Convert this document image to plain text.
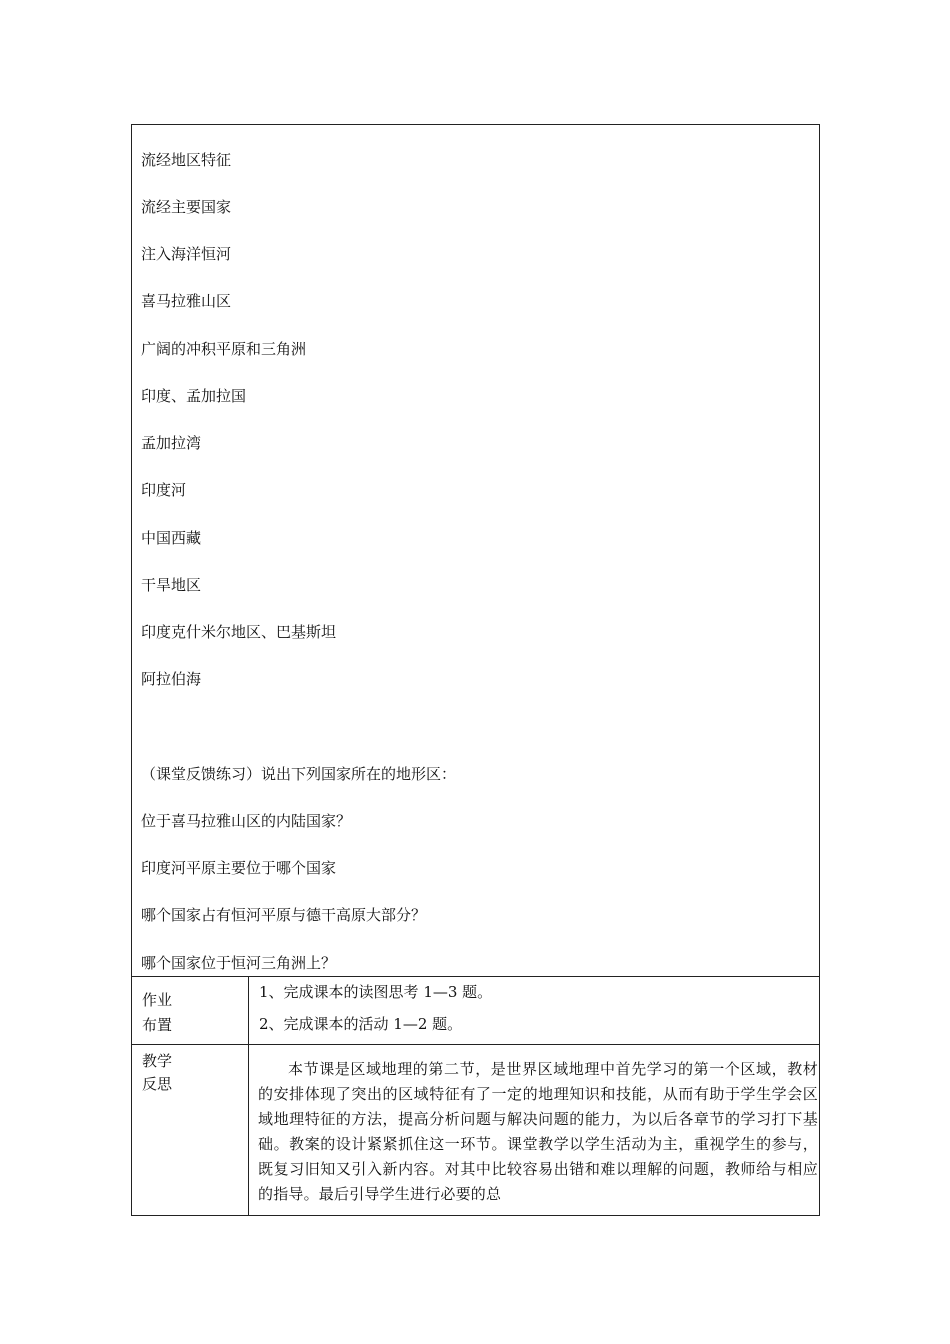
流经地区特征
流经主要国家
注入海洋恒河
喜马拉雅山区
广阔的冲积平原和三角洲
印度、孟加拉国
孟加拉湾
印度河
中国西藏
干旱地区
印度克什米尔地区、巴基斯坦
阿拉伯海
（课堂反馈练习）说出下列国家所在的地形区：
位于喜马拉雅山区的内陆国家？
印度河平原主要位于哪个国家
哪个国家占有恒河平原与德干高原大部分？
哪个国家位于恒河三角洲上？
作业
布置
1、完成课本的读图思考 1—3 题。
2、完成课本的活动 1—2 题。
教学
反思
本节课是区域地理的第二节，是世界区域地理中首先学习的第一个区域，教材的安排体现了突出的区域特征有了一定的地理知识和技能，从而有助于学生学会区域地理特征的方法，提高分析问题与解决问题的能力，为以后各章节的学习打下基础。教案的设计紧紧抓住这一环节。课堂教学以学生活动为主，重视学生的参与，既复习旧知又引入新内容。对其中比较容易出错和难以理解的问题，教师给与相应的指导。最后引导学生进行必要的总
